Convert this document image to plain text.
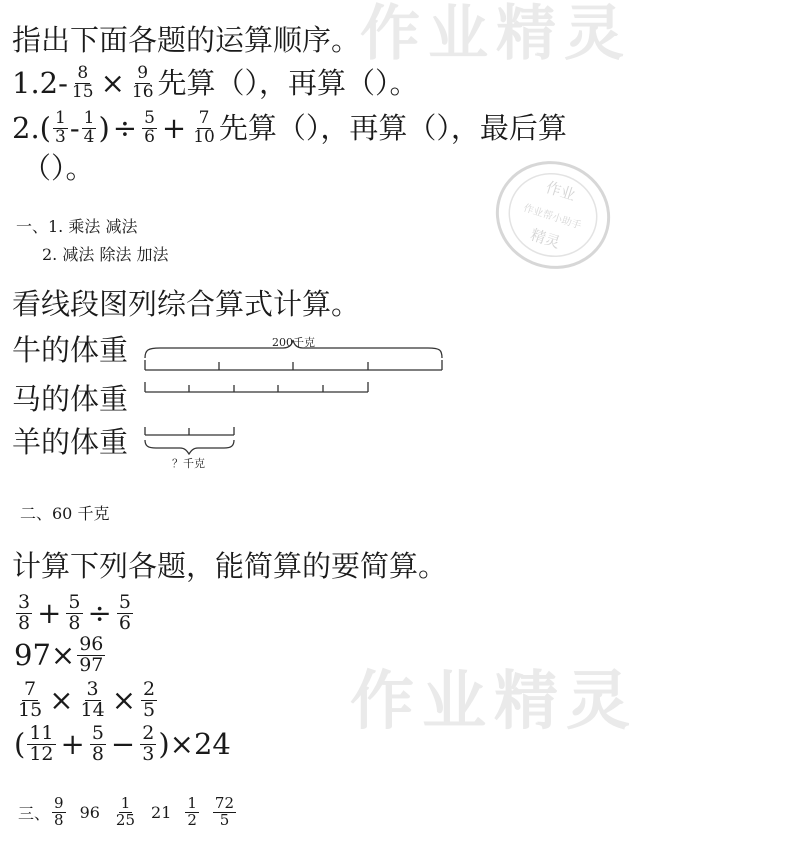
作业精灵
作业精灵
作业
作业帮小助手
精灵
指出下面各题的运算顺序。
$1.2- \frac{8}{15} \times \frac{9}{16}$ 先算（），再算（）。
$2.( \frac{1}{3} - \frac{1}{4}$ ) ÷ $\frac{5}{6} + \frac{7}{10}$ 先算（），再算（），最后算
（）。
一、1. 乘法 减法
2. 减法 除法 加法
看线段图列综合算式计算。
牛的体重
马的体重
羊的体重
200千克
？千克
二、60 千克
计算下列各题，能简算的要简算。
$\frac{3}{8} + \frac{5}{8} \div \frac{5}{6}$
$97\times \frac{96}{97}$
$\frac{7}{15} \times \frac{3}{14} \times \frac{2}{5}$
( $\frac{11}{12} + \frac{5}{8} - \frac{2}{3} )\times 24$
三、 $\frac{9}{8} 96 \frac{1}{25} 21 \frac{1}{2} \frac{72}{5}$
